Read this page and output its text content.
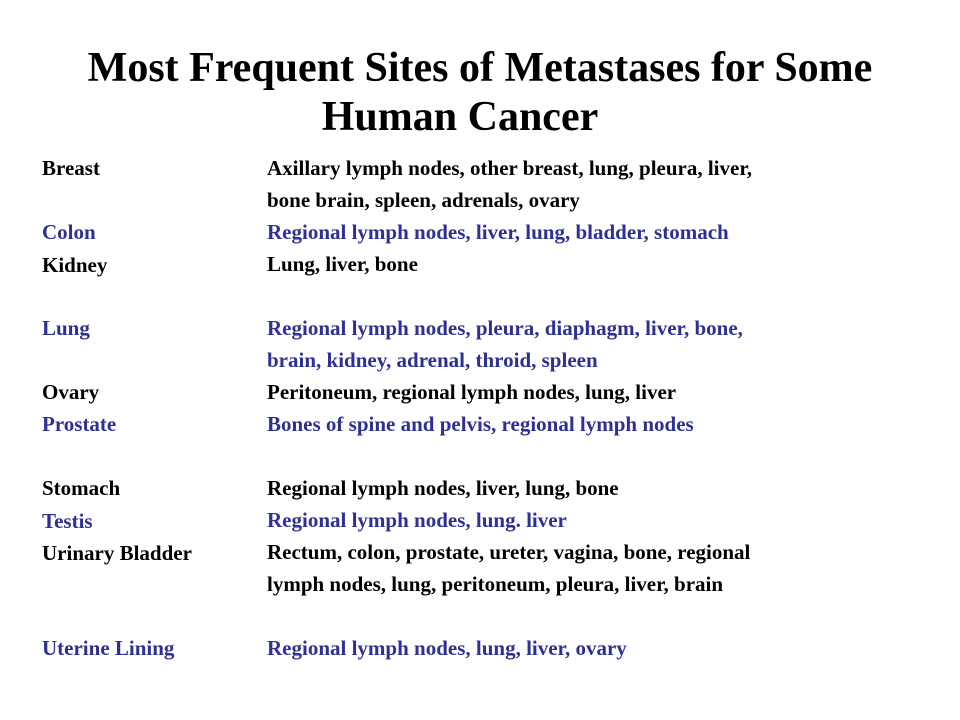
Most Frequent Sites of Metastases for Some
Human Cancer
Breast	Axillary lymph nodes, other breast, lung, pleura, liver,
bone brain, spleen, adrenals, ovary
Colon	Regional lymph nodes, liver, lung, bladder, stomach
Kidney	Lung, liver, bone
Lung	Regional lymph nodes, pleura, diaphagm, liver, bone,
brain, kidney, adrenal, throid, spleen
Ovary	Peritoneum, regional lymph nodes, lung, liver
Prostate	Bones of spine and pelvis, regional lymph nodes
Stomach	Regional lymph nodes, liver, lung, bone
Testis	Regional lymph nodes, lung. liver
Urinary Bladder	Rectum, colon, prostate, ureter, vagina, bone, regional
lymph nodes, lung, peritoneum, pleura, liver, brain
Uterine Lining	Regional lymph nodes, lung, liver, ovary
